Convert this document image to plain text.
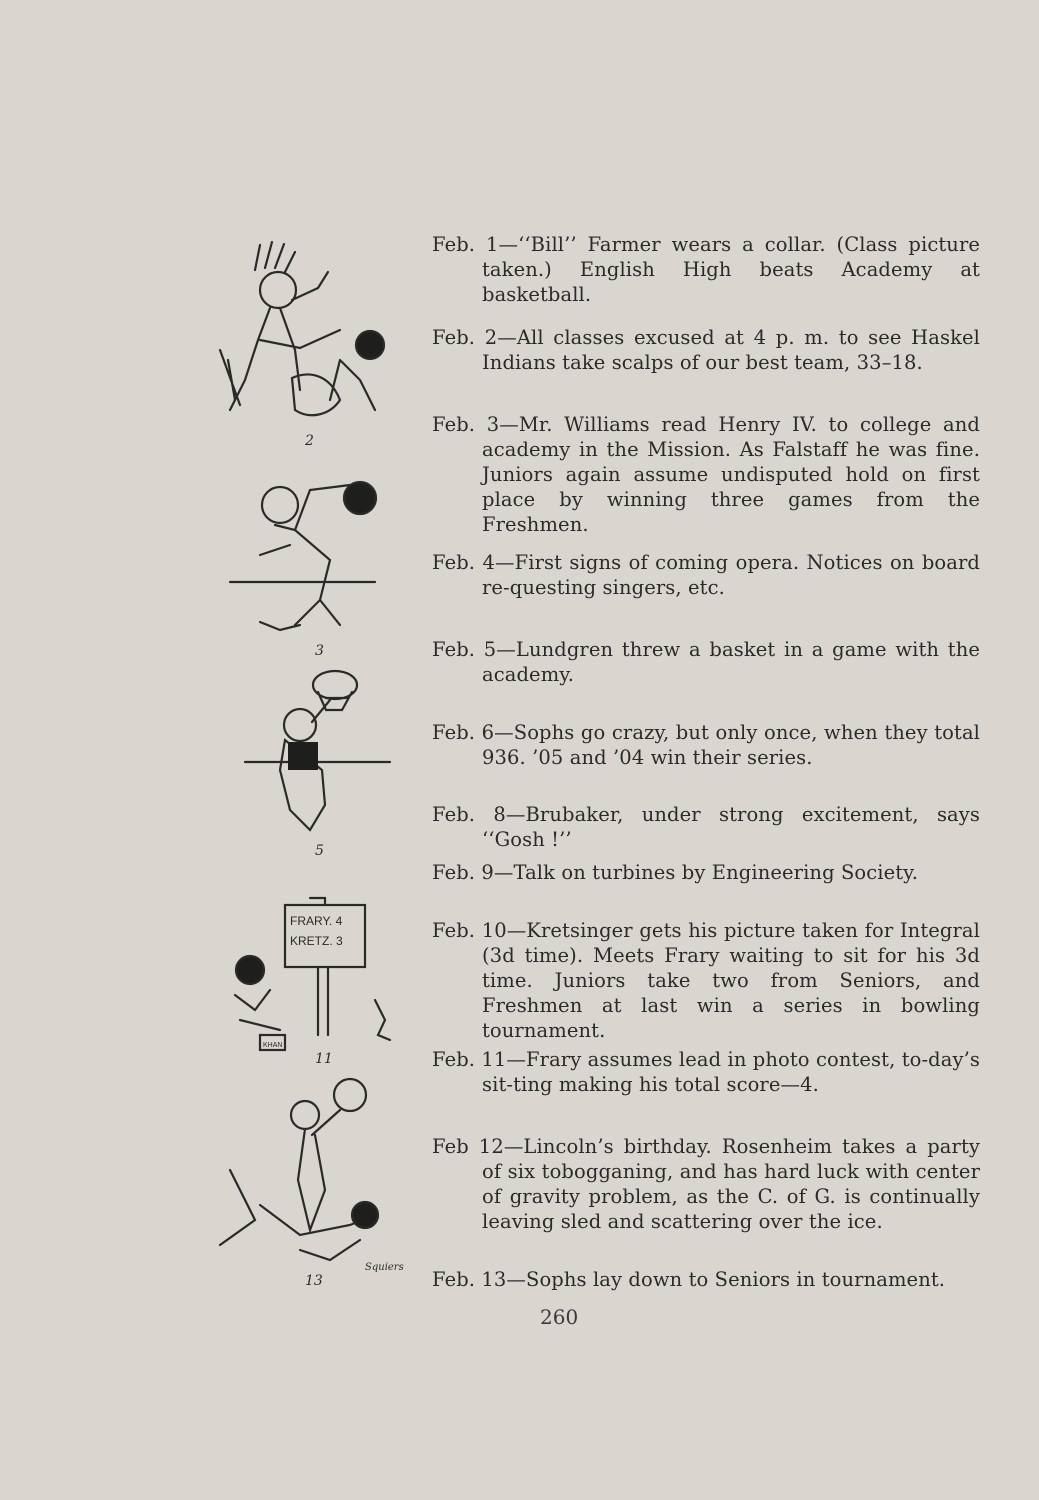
2
3
5
FRARY. 4
KRETZ. 3
KHAN
11
13
Squiers

Feb. 1—‘‘Bill’’ Farmer wears a collar. (Class picture taken.) English High beats Academy at basketball.

Feb. 2—All classes excused at 4 p. m. to see Haskel Indians take scalps of our best team, 33–18.

Feb. 3—Mr. Williams read Henry IV. to college and academy in the Mission. As Falstaff he was fine. Juniors again assume undisputed hold on first place by winning three games from the Freshmen.

Feb. 4—First signs of coming opera. Notices on board re-questing singers, etc.

Feb. 5—Lundgren threw a basket in a game with the academy.

Feb. 6—Sophs go crazy, but only once, when they total 936. ’05 and ’04 win their series.

Feb. 8—Brubaker, under strong excitement, says ‘‘Gosh !’’

Feb. 9—Talk on turbines by Engineering Society.

Feb. 10—Kretsinger gets his picture taken for Integral (3d time). Meets Frary waiting to sit for his 3d time. Juniors take two from Seniors, and Freshmen at last win a series in bowling tournament.

Feb. 11—Frary assumes lead in photo contest, to-day’s sit-ting making his total score—4.

Feb 12—Lincoln’s birthday. Rosenheim takes a party of six tobogganing, and has hard luck with center of gravity problem, as the C. of G. is continually leaving sled and scattering over the ice.

Feb. 13—Sophs lay down to Seniors in tournament.

260
